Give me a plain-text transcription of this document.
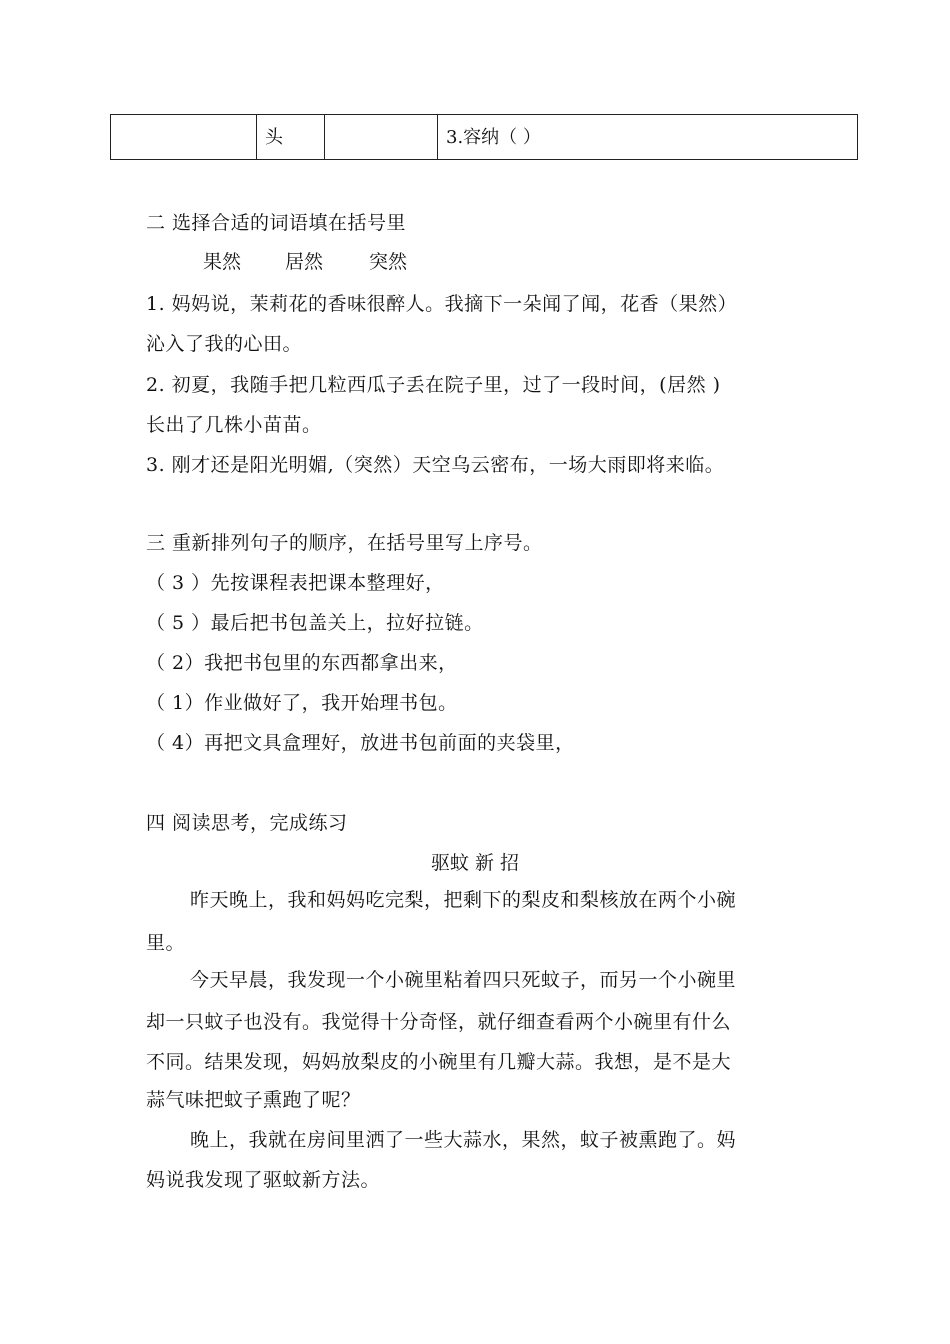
	头		3.容纳（ ）
二 选择合适的词语填在括号里
果然 居然 突然
1. 妈妈说，茉莉花的香味很醉人。我摘下一朵闻了闻，花香（果然）
沁入了我的心田。
2. 初夏，我随手把几粒西瓜子丢在院子里，过了一段时间，(居然 )
长出了几株小苗苗。
3. 刚才还是阳光明媚,（突然）天空乌云密布，一场大雨即将来临。
三 重新排列句子的顺序，在括号里写上序号。
（ 3 ）先按课程表把课本整理好，
（ 5 ）最后把书包盖关上，拉好拉链。
（ 2）我把书包里的东西都拿出来，
（ 1）作业做好了，我开始理书包。
（ 4）再把文具盒理好，放进书包前面的夹袋里，
四 阅读思考，完成练习
驱蚊 新 招
昨天晚上，我和妈妈吃完梨，把剩下的梨皮和梨核放在两个小碗
里。
今天早晨，我发现一个小碗里粘着四只死蚊子，而另一个小碗里
却一只蚊子也没有。我觉得十分奇怪，就仔细查看两个小碗里有什么
不同。结果发现，妈妈放梨皮的小碗里有几瓣大蒜。我想，是不是大
蒜气味把蚊子熏跑了呢？
晚上，我就在房间里洒了一些大蒜水，果然，蚊子被熏跑了。妈
妈说我发现了驱蚊新方法。
